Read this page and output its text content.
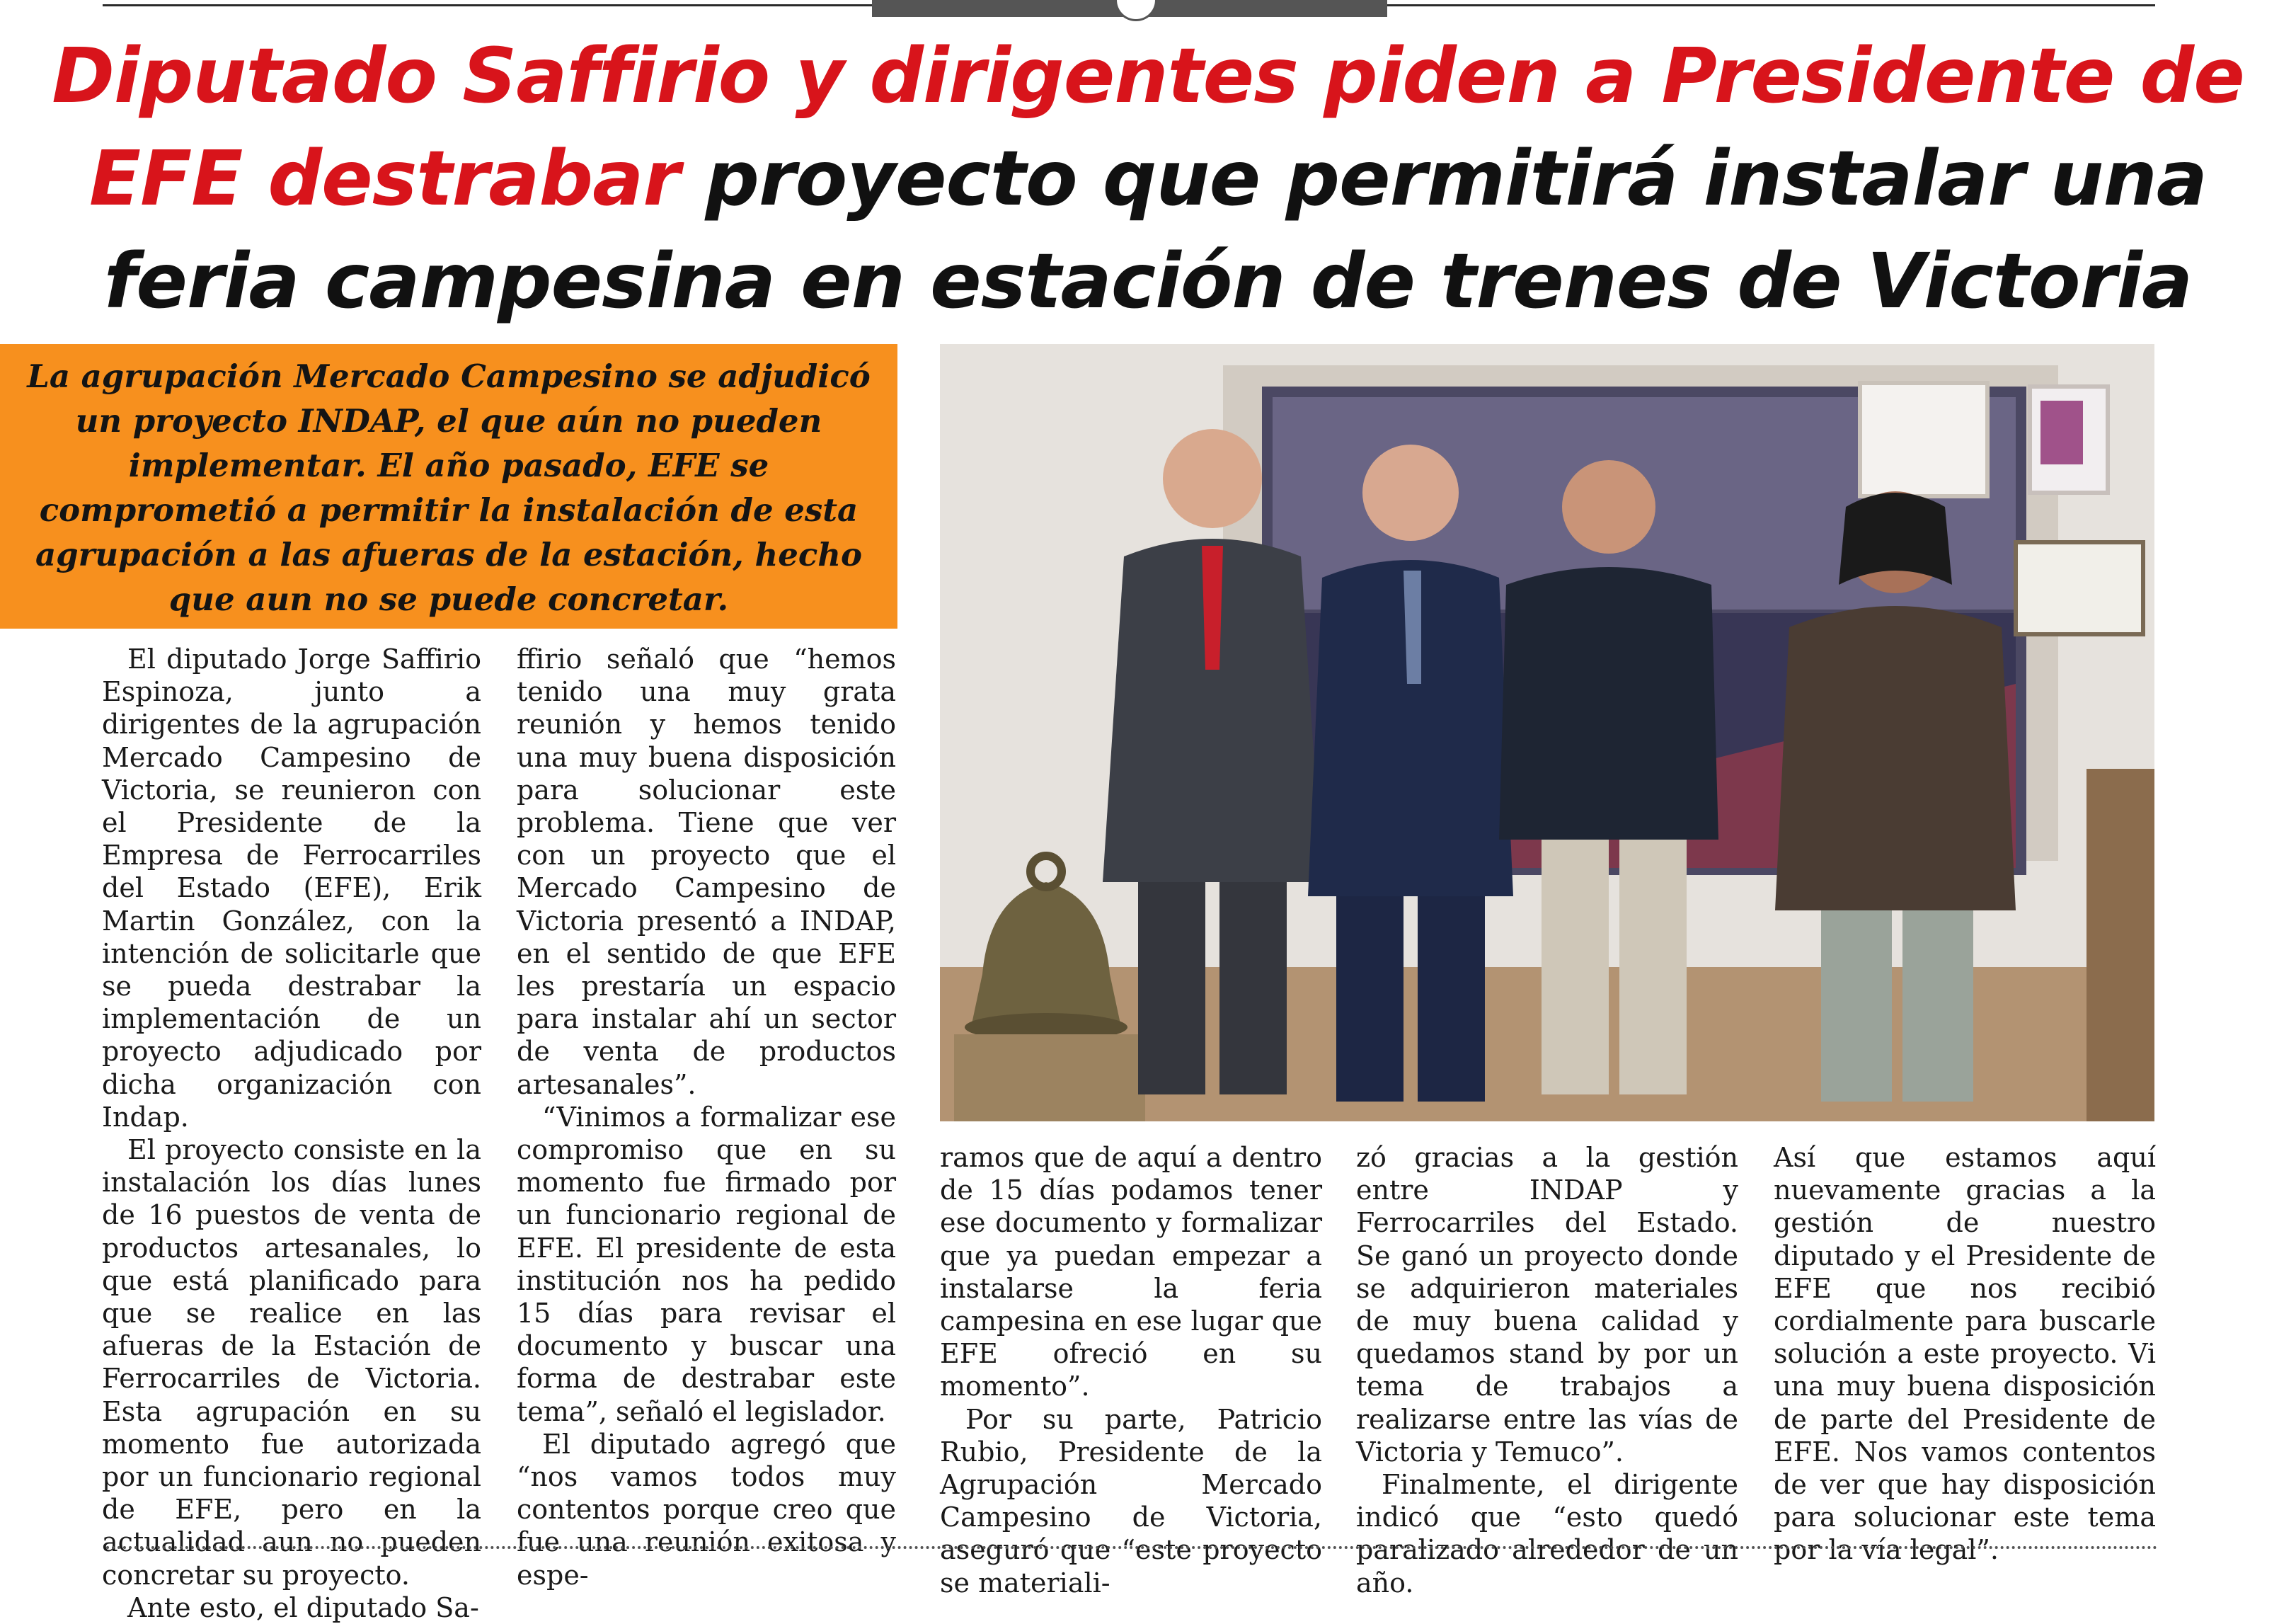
Diputado Saffirio y dirigentes piden a Presidente de
EFE destrabar proyecto que permitirá instalar una
feria campesina en estación de trenes de Victoria
La agrupación Mercado Campesino se adjudicó un proyecto INDAP, el que aún no pueden implementar. El año pasado, EFE se comprometió a permitir la instalación de esta agrupación a las afueras de la estación, hecho que aun no se puede concretar.

El diputado Jorge Saffirio Espinoza, junto a dirigentes de la agrupación Mercado Campesino de Victoria, se reunieron con el Presidente de la Empresa de Ferrocarriles del Estado (EFE), Erik Martin González, con la intención de solicitarle que se pueda destrabar la implementación de un proyecto adjudicado por dicha organización con Indap.

El proyecto consiste en la instalación los días lunes de 16 puestos de venta de productos artesanales, lo que está planificado para que se realice en las afueras de la Estación de Ferrocarriles de Victoria. Esta agrupación en su momento fue autorizada por un funcionario regional de EFE, pero en la actualidad aun no pueden concretar su proyecto.

Ante esto, el diputado Sa-

ffirio señaló que “hemos tenido una muy grata reunión y hemos tenido una muy buena disposición para solucionar este problema. Tiene que ver con un proyecto que el Mercado Campesino de Victoria presentó a INDAP, en el sentido de que EFE les prestaría un espacio para instalar ahí un sector de venta de productos artesanales”.

“Vinimos a formalizar ese compromiso que en su momento fue firmado por un funcionario regional de EFE. El presidente de esta institución nos ha pedido 15 días para revisar el documento y buscar una forma de destrabar este tema”, señaló el legislador.

El diputado agregó que “nos vamos todos muy contentos porque creo que fue una reunión exitosa y espe-

ramos que de aquí a dentro de 15 días podamos tener ese documento y formalizar que ya puedan empezar a instalarse la feria campesina en ese lugar que EFE ofreció en su momento”.

Por su parte, Patricio Rubio, Presidente de la Agrupación Mercado Campesino de Victoria, aseguró que “este proyecto se materiali-

zó gracias a la gestión entre INDAP y Ferrocarriles del Estado. Se ganó un proyecto donde se adquirieron materiales de muy buena calidad y quedamos stand by por un tema de trabajos a realizarse entre las vías de Victoria y Temuco”.

Finalmente, el dirigente indicó que “esto quedó paralizado alrededor de un año.

Así que estamos aquí nuevamente gracias a la gestión de nuestro diputado y el Presidente de EFE que nos recibió cordialmente para buscarle solución a este proyecto. Vi una muy buena disposición de parte del Presidente de EFE. Nos vamos contentos de ver que hay disposición para solucionar este tema por la vía legal”.
